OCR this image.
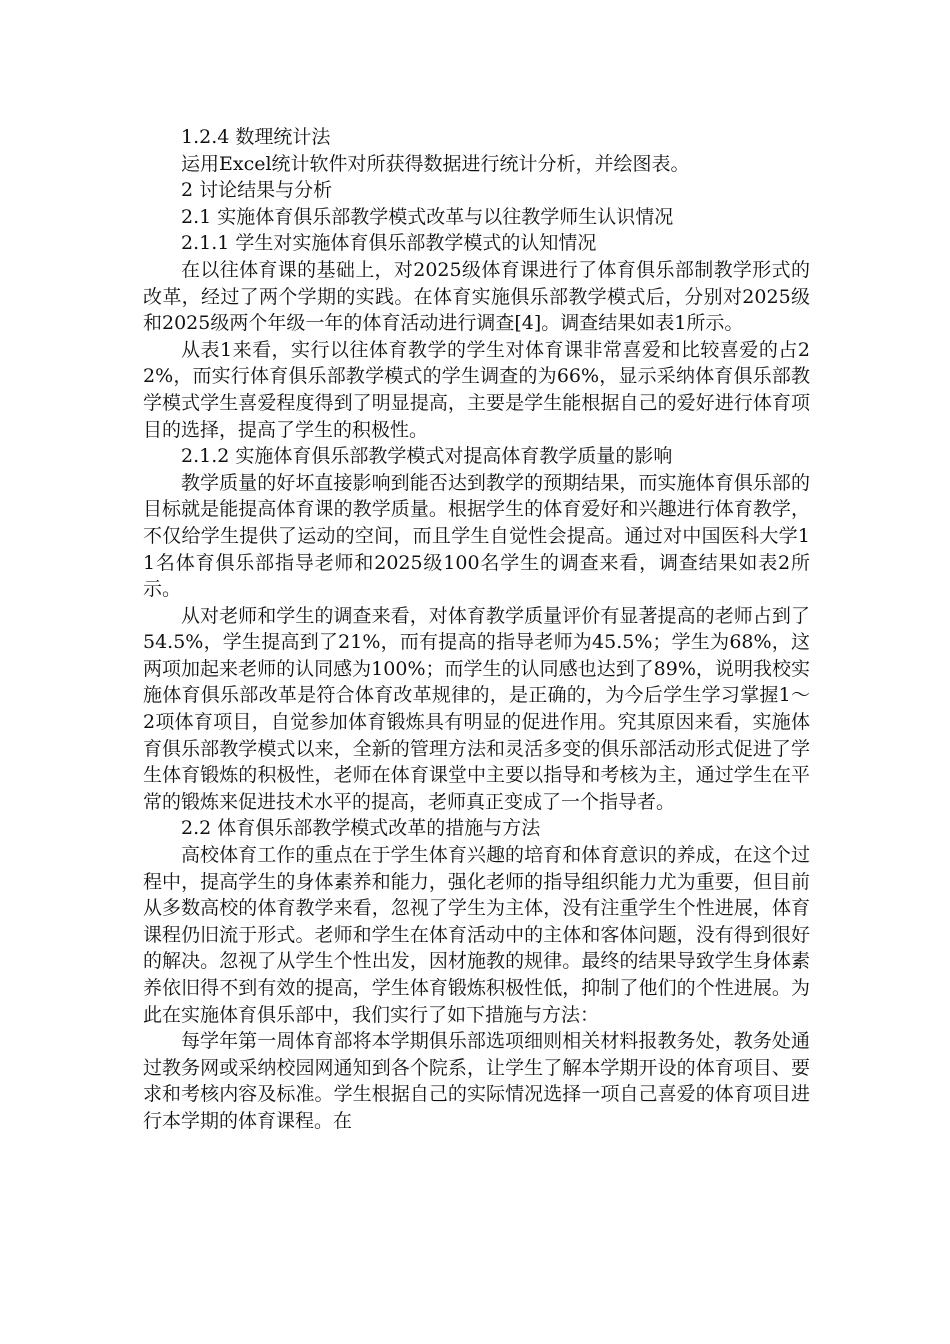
1.2.4 数理统计法

运用Excel统计软件对所获得数据进行统计分析，并绘图表。

2 讨论结果与分析

2.1 实施体育俱乐部教学模式改革与以往教学师生认识情况

2.1.1 学生对实施体育俱乐部教学模式的认知情况

在以往体育课的基础上，对2025级体育课进行了体育俱乐部制教学形式的改革，经过了两个学期的实践。在体育实施俱乐部教学模式后，分别对2025级和2025级两个年级一年的体育活动进行调查[4]。调查结果如表1所示。

从表1来看，实行以往体育教学的学生对体育课非常喜爱和比较喜爱的占22%，而实行体育俱乐部教学模式的学生调查的为66%，显示采纳体育俱乐部教学模式学生喜爱程度得到了明显提高，主要是学生能根据自己的爱好进行体育项目的选择，提高了学生的积极性。

2.1.2 实施体育俱乐部教学模式对提高体育教学质量的影响

教学质量的好坏直接影响到能否达到教学的预期结果，而实施体育俱乐部的目标就是能提高体育课的教学质量。根据学生的体育爱好和兴趣进行体育教学，不仅给学生提供了运动的空间，而且学生自觉性会提高。通过对中国医科大学11名体育俱乐部指导老师和2025级100名学生的调查来看，调查结果如表2所示。

从对老师和学生的调查来看，对体育教学质量评价有显著提高的老师占到了54.5%，学生提高到了21%，而有提高的指导老师为45.5%；学生为68%，这两项加起来老师的认同感为100%；而学生的认同感也达到了89%，说明我校实施体育俱乐部改革是符合体育改革规律的，是正确的，为今后学生学习掌握1～2项体育项目，自觉参加体育锻炼具有明显的促进作用。究其原因来看，实施体育俱乐部教学模式以来，全新的管理方法和灵活多变的俱乐部活动形式促进了学生体育锻炼的积极性，老师在体育课堂中主要以指导和考核为主，通过学生在平常的锻炼来促进技术水平的提高，老师真正变成了一个指导者。

2.2 体育俱乐部教学模式改革的措施与方法

高校体育工作的重点在于学生体育兴趣的培育和体育意识的养成，在这个过程中，提高学生的身体素养和能力，强化老师的指导组织能力尤为重要，但目前从多数高校的体育教学来看，忽视了学生为主体，没有注重学生个性进展，体育课程仍旧流于形式。老师和学生在体育活动中的主体和客体问题，没有得到很好的解决。忽视了从学生个性出发，因材施教的规律。最终的结果导致学生身体素养依旧得不到有效的提高，学生体育锻炼积极性低，抑制了他们的个性进展。为此在实施体育俱乐部中，我们实行了如下措施与方法：

每学年第一周体育部将本学期俱乐部选项细则相关材料报教务处，教务处通过教务网或采纳校园网通知到各个院系，让学生了解本学期开设的体育项目、要求和考核内容及标准。学生根据自己的实际情况选择一项自己喜爱的体育项目进行本学期的体育课程。在
